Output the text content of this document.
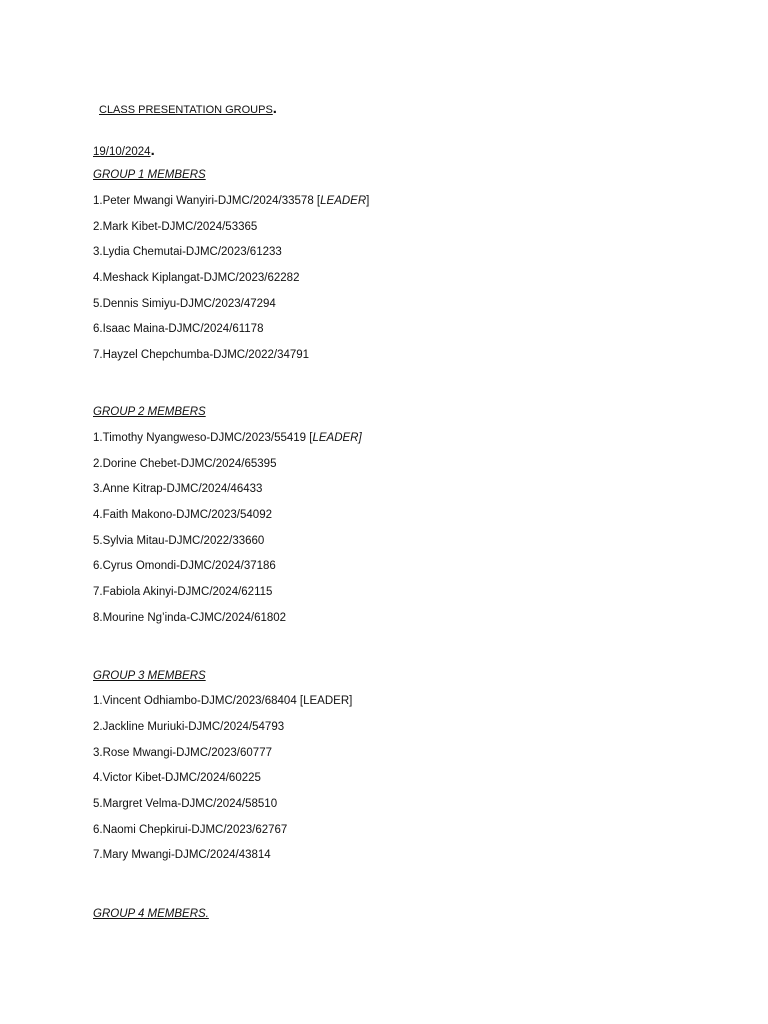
CLASS PRESENTATION GROUPS.
19/10/2024.
GROUP 1 MEMBERS
1.Peter Mwangi Wanyiri-DJMC/2024/33578 [LEADER]
2.Mark Kibet-DJMC/2024/53365
3.Lydia Chemutai-DJMC/2023/61233
4.Meshack Kiplangat-DJMC/2023/62282
5.Dennis Simiyu-DJMC/2023/47294
6.Isaac Maina-DJMC/2024/61178
7.Hayzel Chepchumba-DJMC/2022/34791
GROUP 2 MEMBERS
1.Timothy Nyangweso-DJMC/2023/55419 [LEADER]
2.Dorine Chebet-DJMC/2024/65395
3.Anne Kitrap-DJMC/2024/46433
4.Faith Makono-DJMC/2023/54092
5.Sylvia Mitau-DJMC/2022/33660
6.Cyrus Omondi-DJMC/2024/37186
7.Fabiola Akinyi-DJMC/2024/62115
8.Mourine Ng’inda-CJMC/2024/61802
GROUP 3 MEMBERS
1.Vincent Odhiambo-DJMC/2023/68404 [LEADER]
2.Jackline Muriuki-DJMC/2024/54793
3.Rose Mwangi-DJMC/2023/60777
4.Victor Kibet-DJMC/2024/60225
5.Margret Velma-DJMC/2024/58510
6.Naomi Chepkirui-DJMC/2023/62767
7.Mary Mwangi-DJMC/2024/43814
GROUP 4 MEMBERS.
